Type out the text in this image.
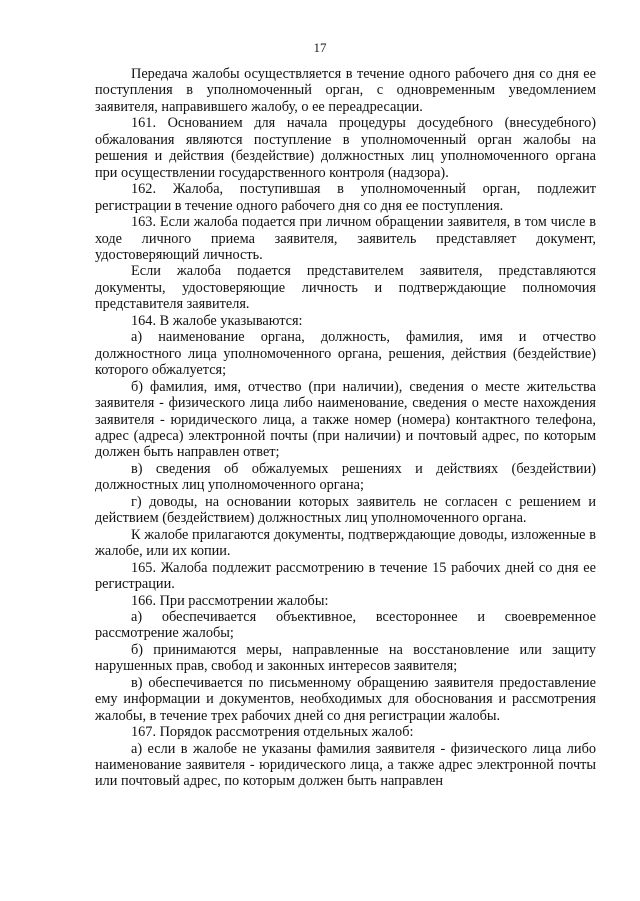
17

Передача жалобы осуществляется в течение одного рабочего дня со дня ее поступления в уполномоченный орган, с одновременным уведомлением заявителя, направившего жалобу, о ее переадресации.

161. Основанием для начала процедуры досудебного (внесудебного) обжалования являются поступление в уполномоченный орган жалобы на решения и действия (бездействие) должностных лиц уполномоченного органа при осуществлении государственного контроля (надзора).

162. Жалоба, поступившая в уполномоченный орган, подлежит регистрации в течение одного рабочего дня со дня ее поступления.

163. Если жалоба подается при личном обращении заявителя, в том числе в ходе личного приема заявителя, заявитель представляет документ, удостоверяющий личность.

Если жалоба подается представителем заявителя, представляются документы, удостоверяющие личность и подтверждающие полномочия представителя заявителя.

164. В жалобе указываются:

а) наименование органа, должность, фамилия, имя и отчество должностного лица уполномоченного органа, решения, действия (бездействие) которого обжалуется;

б) фамилия, имя, отчество (при наличии), сведения о месте жительства заявителя - физического лица либо наименование, сведения о месте нахождения заявителя - юридического лица, а также номер (номера) контактного телефона, адрес (адреса) электронной почты (при наличии) и почтовый адрес, по которым должен быть направлен ответ;

в) сведения об обжалуемых решениях и действиях (бездействии) должностных лиц уполномоченного органа;

г) доводы, на основании которых заявитель не согласен с решением и действием (бездействием) должностных лиц уполномоченного органа.

К жалобе прилагаются документы, подтверждающие доводы, изложенные в жалобе, или их копии.

165. Жалоба подлежит рассмотрению в течение 15 рабочих дней со дня ее регистрации.

166. При рассмотрении жалобы:

а) обеспечивается объективное, всестороннее и своевременное рассмотрение жалобы;

б) принимаются меры, направленные на восстановление или защиту нарушенных прав, свобод и законных интересов заявителя;

в) обеспечивается по письменному обращению заявителя предоставление ему информации и документов, необходимых для обоснования и рассмотрения жалобы, в течение трех рабочих дней со дня регистрации жалобы.

167. Порядок рассмотрения отдельных жалоб:

а) если в жалобе не указаны фамилия заявителя - физического лица либо наименование заявителя - юридического лица, а также адрес электронной почты или почтовый адрес, по которым должен быть направлен
